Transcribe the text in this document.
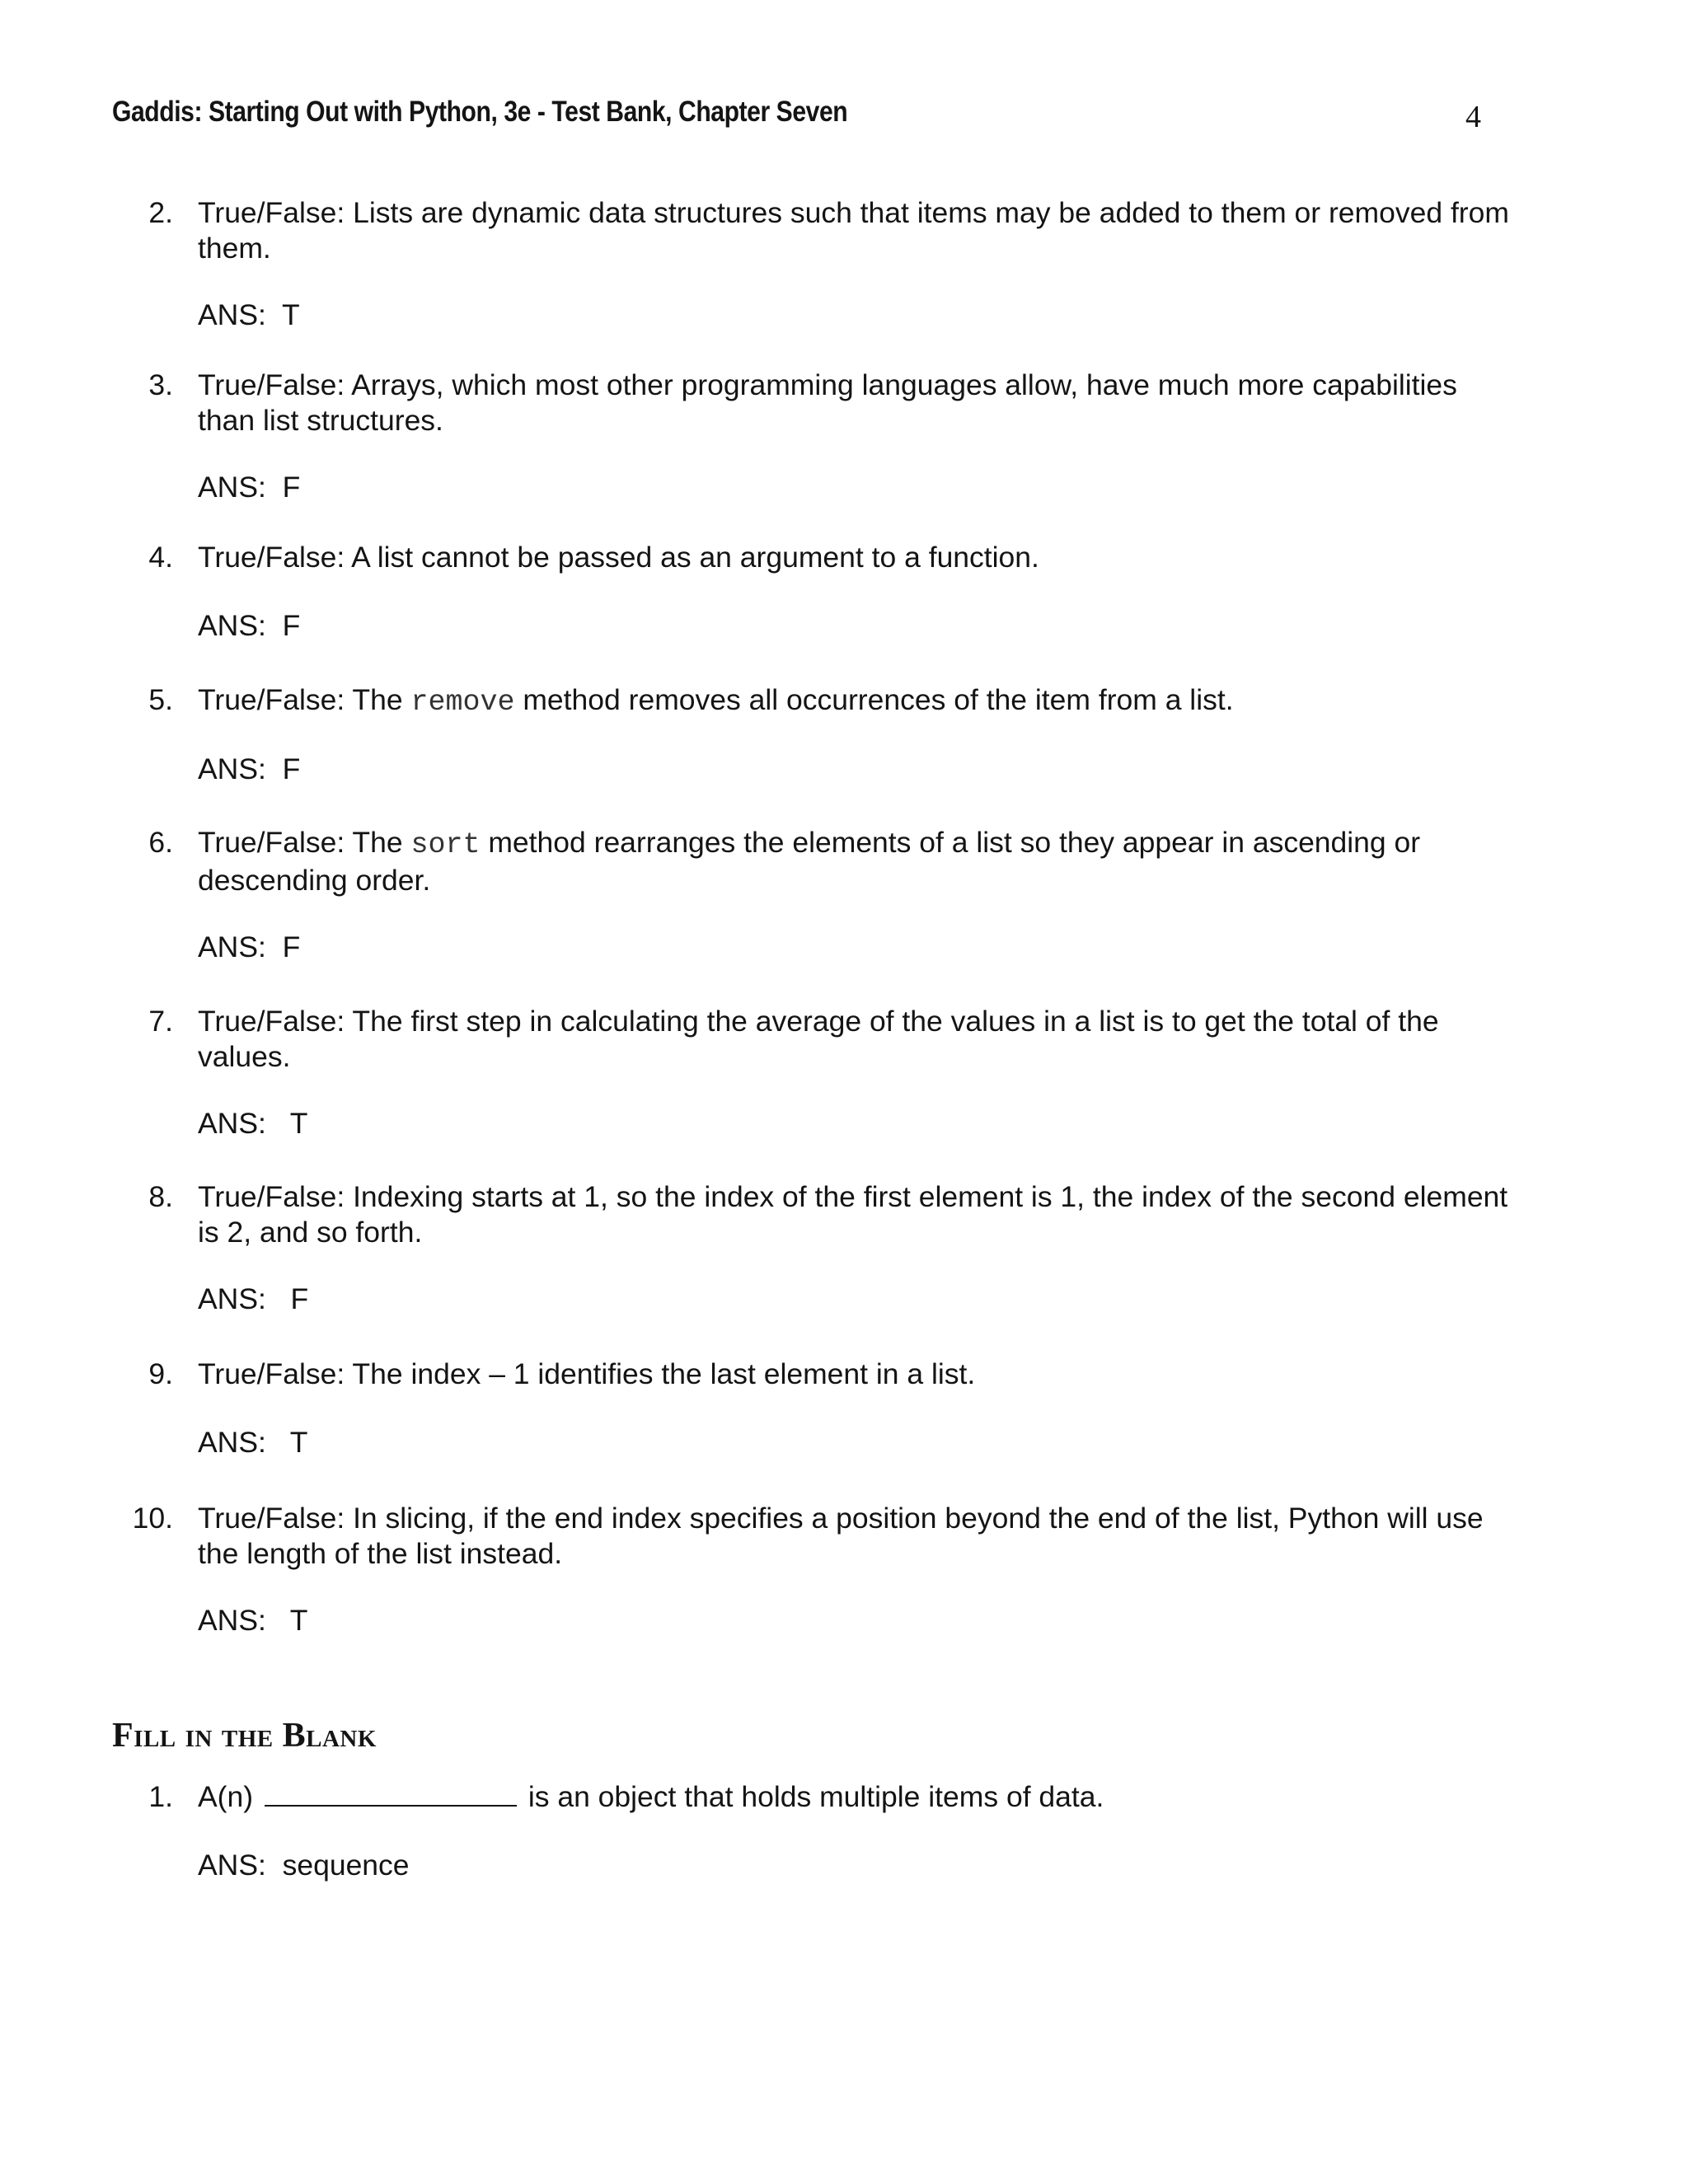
Gaddis: Starting Out with Python, 3e - Test Bank, Chapter Seven	4
2. True/False: Lists are dynamic data structures such that items may be added to them or removed from them.
ANS:  T
3. True/False: Arrays, which most other programming languages allow, have much more capabilities than list structures.
ANS:  F
4. True/False: A list cannot be passed as an argument to a function.
ANS:  F
5. True/False: The remove method removes all occurrences of the item from a list.
ANS:  F
6. True/False: The sort method rearranges the elements of a list so they appear in ascending or descending order.
ANS:  F
7. True/False: The first step in calculating the average of the values in a list is to get the total of the values.
ANS:   T
8. True/False: Indexing starts at 1, so the index of the first element is 1, the index of the second element is 2, and so forth.
ANS:   F
9. True/False: The index – 1 identifies the last element in a list.
ANS:   T
10. True/False: In slicing, if the end index specifies a position beyond the end of the list, Python will use the length of the list instead.
ANS:   T
Fill in the Blank
1. A(n)	is an object that holds multiple items of data.
ANS:  sequence
